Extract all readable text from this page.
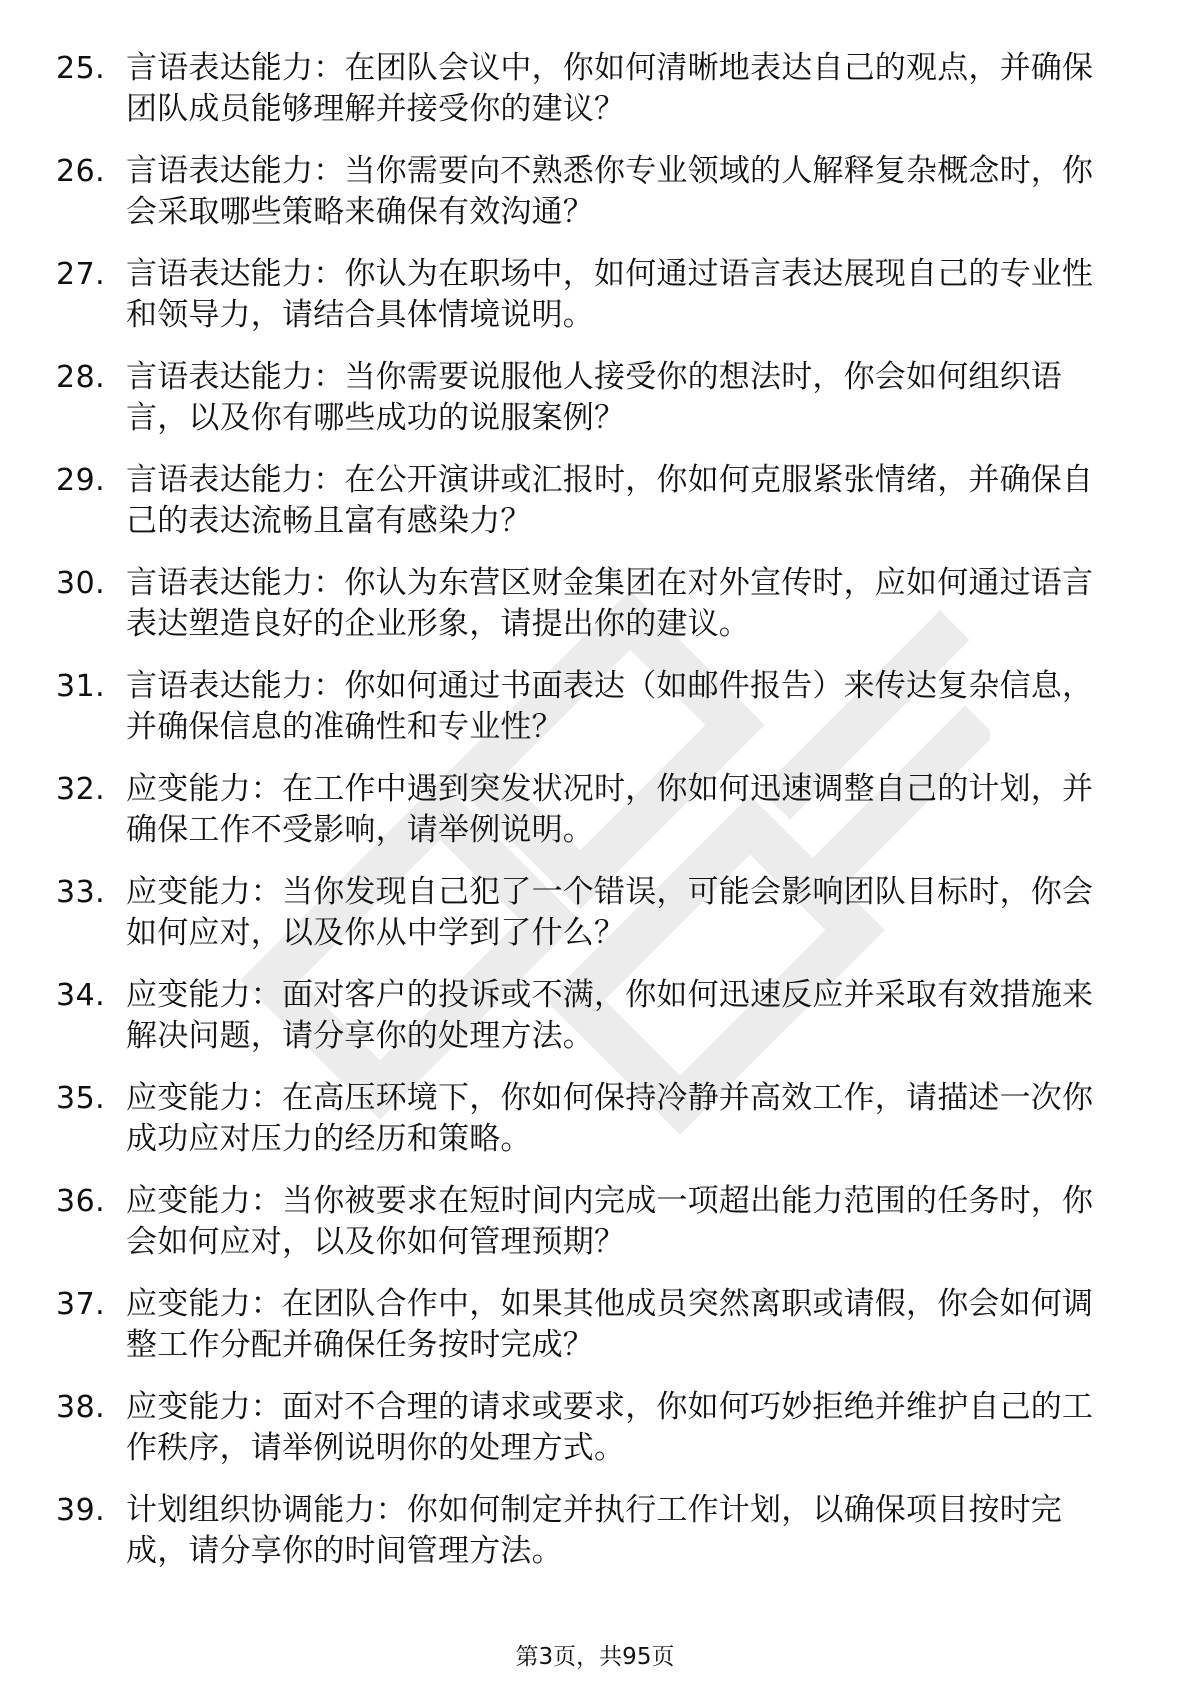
25. 言语表达能力：在团队会议中，你如何清晰地表达自己的观点，并确保团队成员能够理解并接受你的建议？
26. 言语表达能力：当你需要向不熟悉你专业领域的人解释复杂概念时，你会采取哪些策略来确保有效沟通？
27. 言语表达能力：你认为在职场中，如何通过语言表达展现自己的专业性和领导力，请结合具体情境说明。
28. 言语表达能力：当你需要说服他人接受你的想法时，你会如何组织语言，以及你有哪些成功的说服案例？
29. 言语表达能力：在公开演讲或汇报时，你如何克服紧张情绪，并确保自己的表达流畅且富有感染力？
30. 言语表达能力：你认为东营区财金集团在对外宣传时，应如何通过语言表达塑造良好的企业形象，请提出你的建议。
31. 言语表达能力：你如何通过书面表达（如邮件报告）来传达复杂信息，并确保信息的准确性和专业性？
32. 应变能力：在工作中遇到突发状况时，你如何迅速调整自己的计划，并确保工作不受影响，请举例说明。
33. 应变能力：当你发现自己犯了一个错误，可能会影响团队目标时，你会如何应对，以及你从中学到了什么？
34. 应变能力：面对客户的投诉或不满，你如何迅速反应并采取有效措施来解决问题，请分享你的处理方法。
35. 应变能力：在高压环境下，你如何保持冷静并高效工作，请描述一次你成功应对压力的经历和策略。
36. 应变能力：当你被要求在短时间内完成一项超出能力范围的任务时，你会如何应对，以及你如何管理预期？
37. 应变能力：在团队合作中，如果其他成员突然离职或请假，你会如何调整工作分配并确保任务按时完成？
38. 应变能力：面对不合理的请求或要求，你如何巧妙拒绝并维护自己的工作秩序，请举例说明你的处理方式。
39. 计划组织协调能力：你如何制定并执行工作计划，以确保项目按时完成，请分享你的时间管理方法。
第3页，共95页
